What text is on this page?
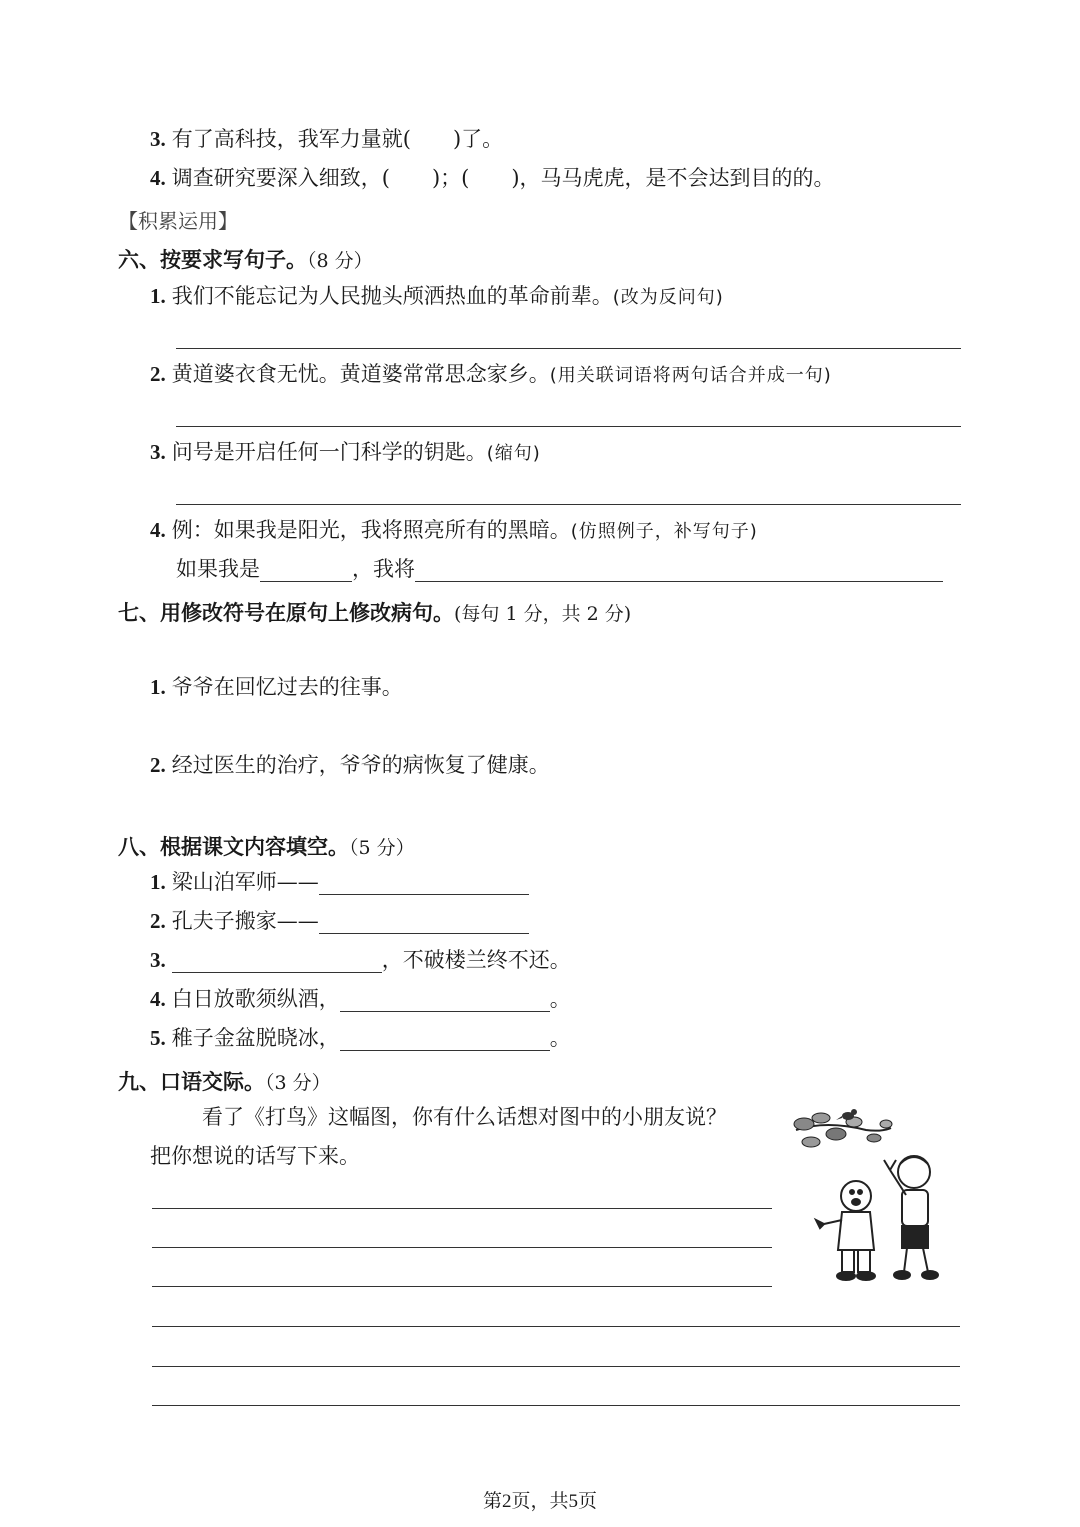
3. 有了高科技，我军力量就(　　)了。
4. 调查研究要深入细致，(　　)；(　　)，马马虎虎，是不会达到目的的。
【积累运用】
六、按要求写句子。（8 分）
1. 我们不能忘记为人民抛头颅洒热血的革命前辈。(改为反问句)
2. 黄道婆衣食无忧。黄道婆常常思念家乡。(用关联词语将两句话合并成一句)
3. 问号是开启任何一门科学的钥匙。(缩句)
4. 例：如果我是阳光，我将照亮所有的黑暗。(仿照例子，补写句子)
如果我是	，我将
七、用修改符号在原句上修改病句。(每句 1 分，共 2 分)
1. 爷爷在回忆过去的往事。
2. 经过医生的治疗，爷爷的病恢复了健康。
八、根据课文内容填空。（5 分）
1. 梁山泊军师——
2. 孔夫子搬家——
3.	，不破楼兰终不还。
4. 白日放歌须纵酒，	。
5. 稚子金盆脱晓冰，	。
九、口语交际。（3 分）
看了《打鸟》这幅图，你有什么话想对图中的小朋友说？
把你想说的话写下来。
第2页，共5页
